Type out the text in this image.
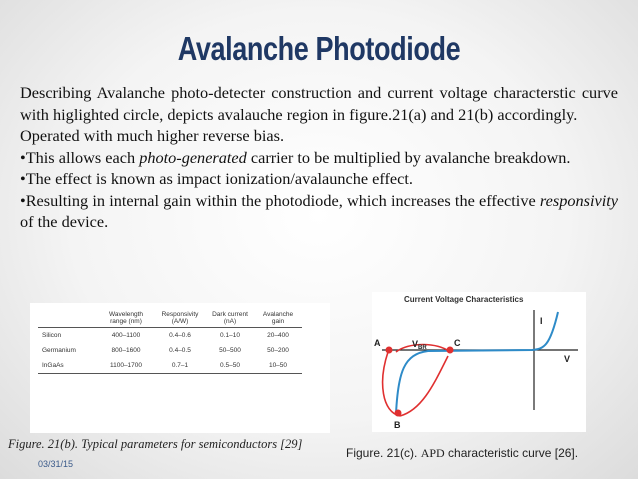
Avalanche Photodiode

Describing Avalanche photo-detecter construction and current voltage characterstic curve with higlighted circle, depicts avalauche region in figure.21(a) and 21(b) accordingly.

Operated with much higher reverse bias.

•This allows each photo-generated carrier to be multiplied by avalanche breakdown.

•The effect is known as impact ionization/avalaunche effect.

•Resulting in internal gain within the photodiode, which increases the effective responsivity of the device.

	Wavelength range (nm)	Responsivity (A/W)	Dark current (nA)	Avalanche gain
Silicon	400–1100	0.4–0.6	0.1–10	20–400
Germanium	800–1600	0.4–0.5	50–500	50–200
InGaAs	1100–1700	0.7–1	0.5–50	10–50
Figure. 21(b). Typical parameters for semiconductors [29]
03/31/15
Current Voltage Characteristics
I
V
A	C
B
$V_{BR}$
Figure. 21(c). APD characteristic curve [26].
